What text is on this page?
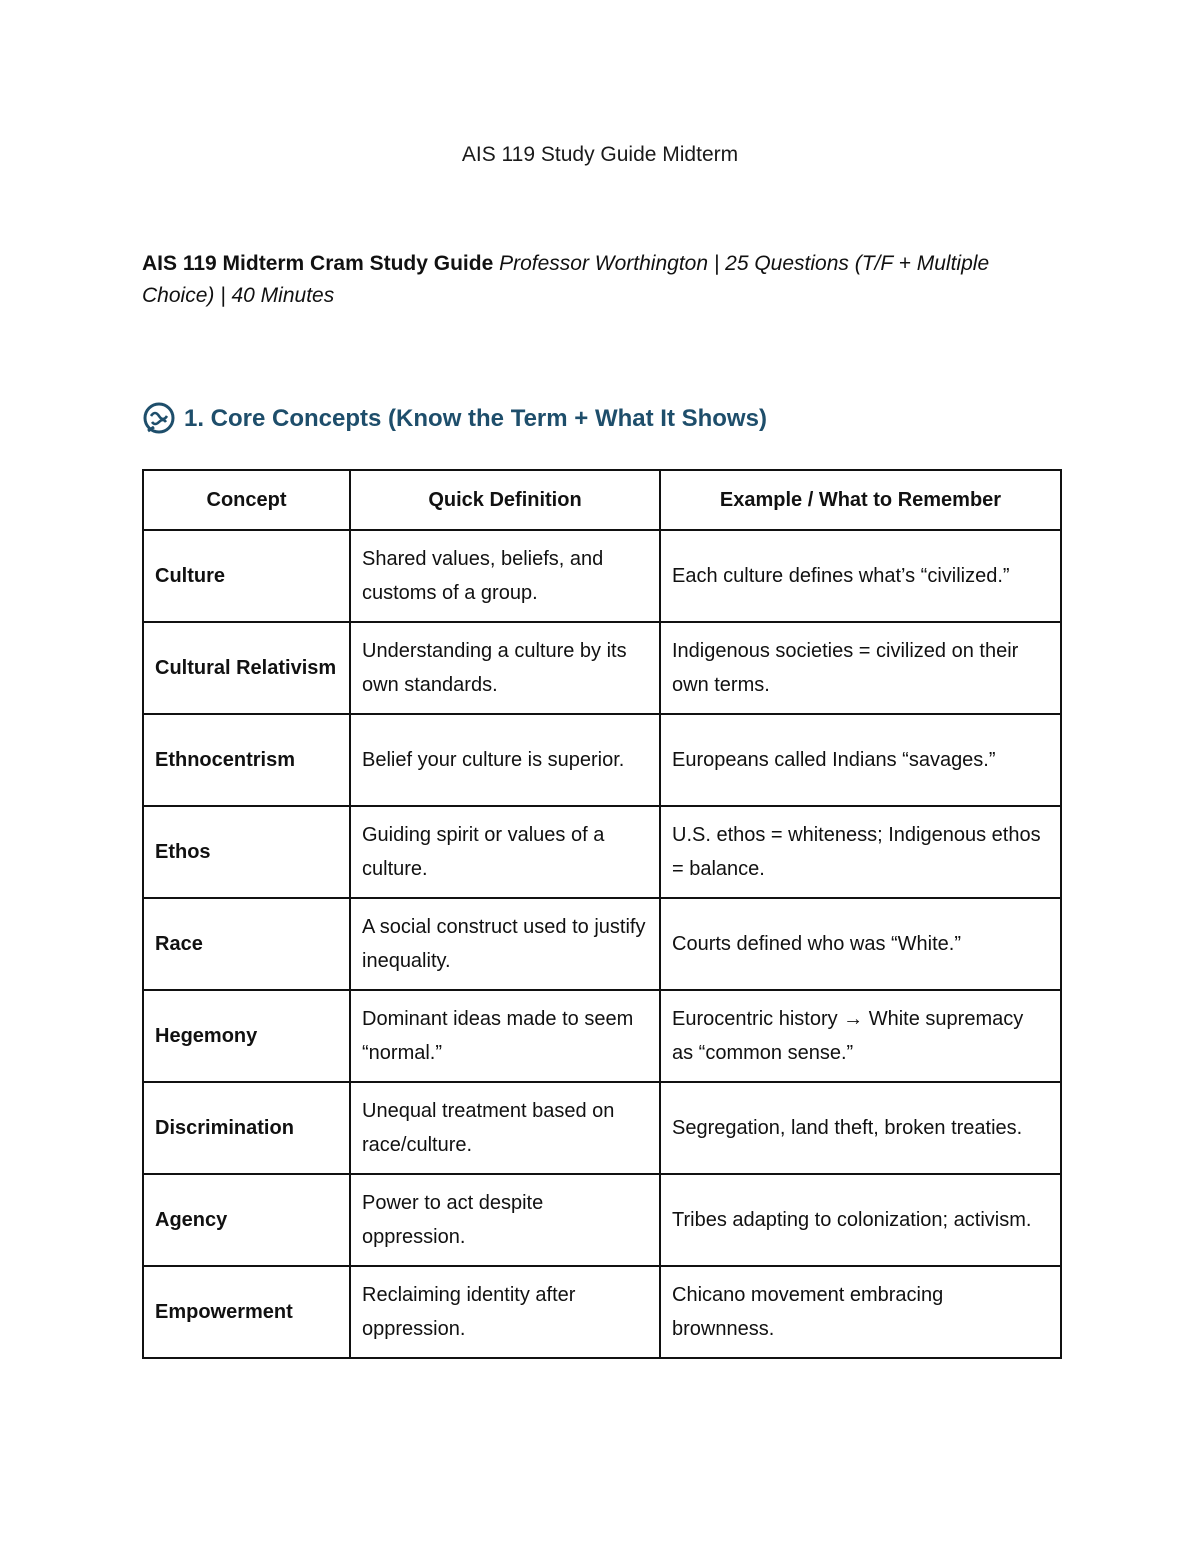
AIS 119 Study Guide Midterm
AIS 119 Midterm Cram Study Guide Professor Worthington | 25 Questions (T/F + Multiple Choice) | 40 Minutes
1. Core Concepts (Know the Term + What It Shows)
Concept	Quick Definition	Example / What to Remember
Culture	Shared values, beliefs, and customs of a group.	Each culture defines what’s “civilized.”
Cultural Relativism	Understanding a culture by its own standards.	Indigenous societies = civilized on their own terms.
Ethnocentrism	Belief your culture is superior.	Europeans called Indians “savages.”
Ethos	Guiding spirit or values of a culture.	U.S. ethos = whiteness; Indigenous ethos = balance.
Race	A social construct used to justify inequality.	Courts defined who was “White.”
Hegemony	Dominant ideas made to seem “normal.”	Eurocentric history → White supremacy as “common sense.”
Discrimination	Unequal treatment based on race/culture.	Segregation, land theft, broken treaties.
Agency	Power to act despite oppression.	Tribes adapting to colonization; activism.
Empowerment	Reclaiming identity after oppression.	Chicano movement embracing brownness.
